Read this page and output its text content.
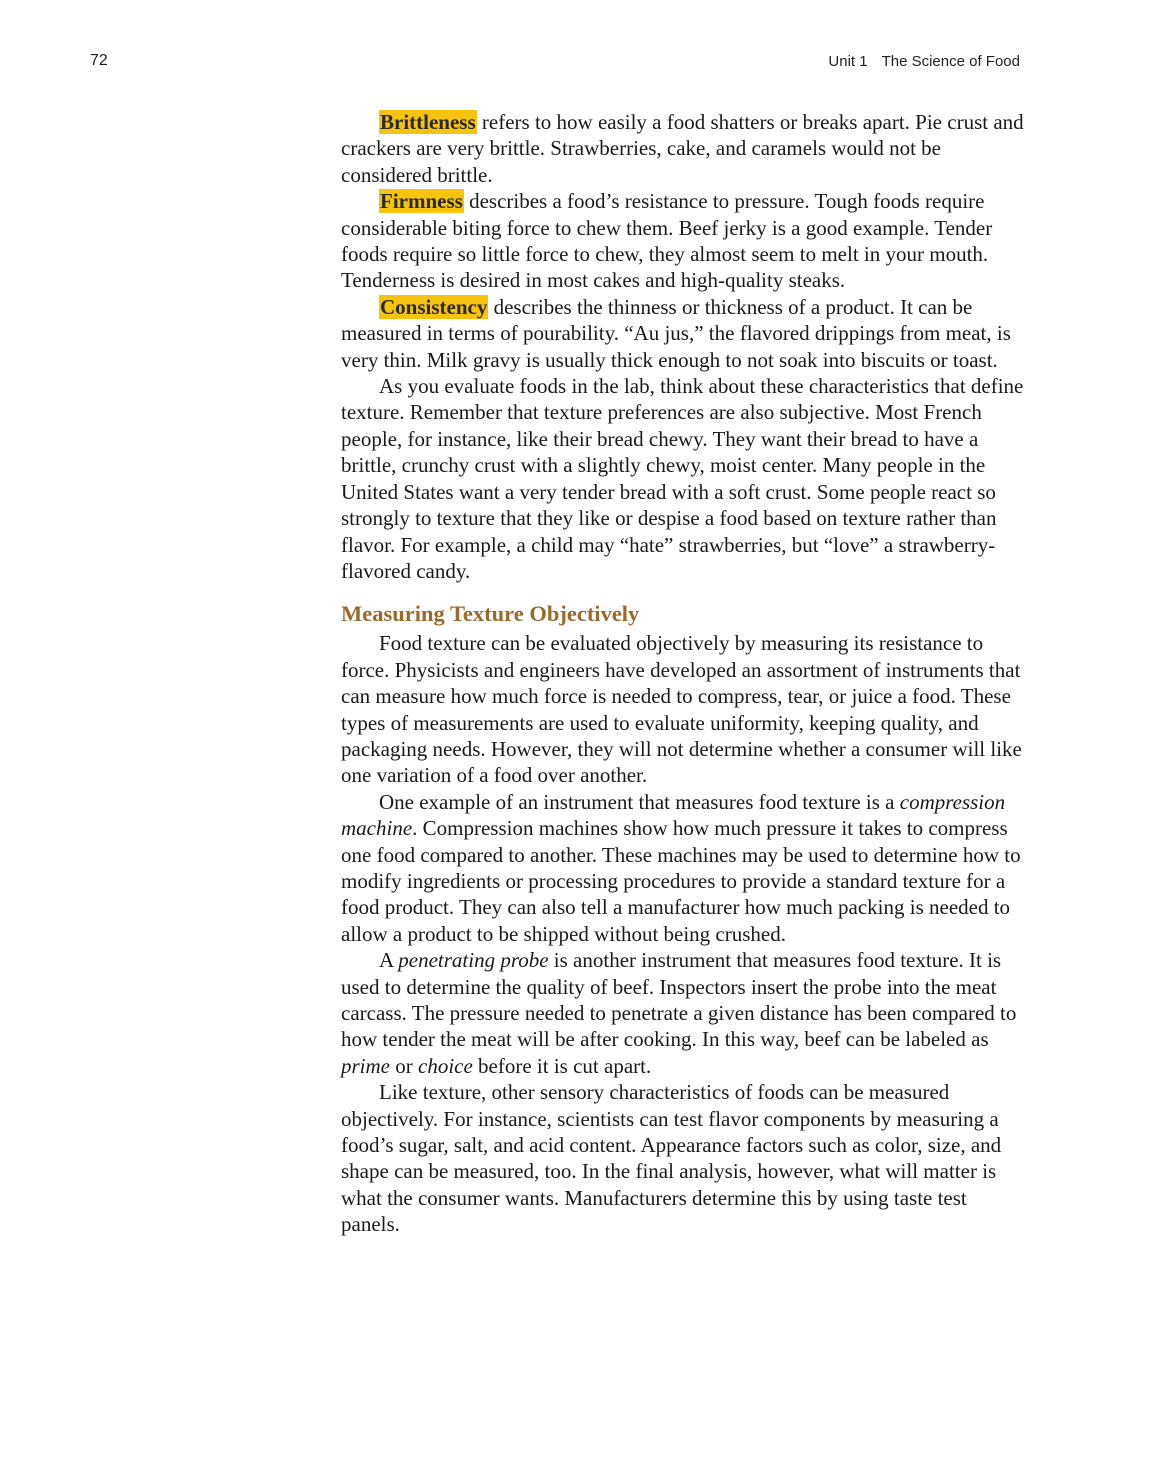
72	Unit 1 The Science of Food

Brittleness refers to how easily a food shatters or breaks apart. Pie crust and crackers are very brittle. Strawberries, cake, and caramels would not be considered brittle.

Firmness describes a food’s resistance to pressure. Tough foods require considerable biting force to chew them. Beef jerky is a good example. Tender foods require so little force to chew, they almost seem to melt in your mouth. Tenderness is desired in most cakes and high-quality steaks.

Consistency describes the thinness or thickness of a product. It can be measured in terms of pourability. “Au jus,” the flavored drippings from meat, is very thin. Milk gravy is usually thick enough to not soak into biscuits or toast.

As you evaluate foods in the lab, think about these characteristics that define texture. Remember that texture preferences are also subjective. Most French people, for instance, like their bread chewy. They want their bread to have a brittle, crunchy crust with a slightly chewy, moist center. Many people in the United States want a very tender bread with a soft crust. Some people react so strongly to texture that they like or despise a food based on texture rather than flavor. For example, a child may “hate” strawberries, but “love” a strawberry-flavored candy.

Measuring Texture Objectively

Food texture can be evaluated objectively by measuring its resistance to force. Physicists and engineers have developed an assortment of instruments that can measure how much force is needed to compress, tear, or juice a food. These types of measurements are used to evaluate uniformity, keeping quality, and packaging needs. However, they will not determine whether a consumer will like one variation of a food over another.

One example of an instrument that measures food texture is a compression machine. Compression machines show how much pressure it takes to compress one food compared to another. These machines may be used to determine how to modify ingredients or processing procedures to provide a standard texture for a food product. They can also tell a manufacturer how much packing is needed to allow a product to be shipped without being crushed.

A penetrating probe is another instrument that measures food texture. It is used to determine the quality of beef. Inspectors insert the probe into the meat carcass. The pressure needed to penetrate a given distance has been compared to how tender the meat will be after cooking. In this way, beef can be labeled as prime or choice before it is cut apart.

Like texture, other sensory characteristics of foods can be measured objectively. For instance, scientists can test flavor components by measuring a food’s sugar, salt, and acid content. Appearance factors such as color, size, and shape can be measured, too. In the final analysis, however, what will matter is what the consumer wants. Manufacturers determine this by using taste test panels.
